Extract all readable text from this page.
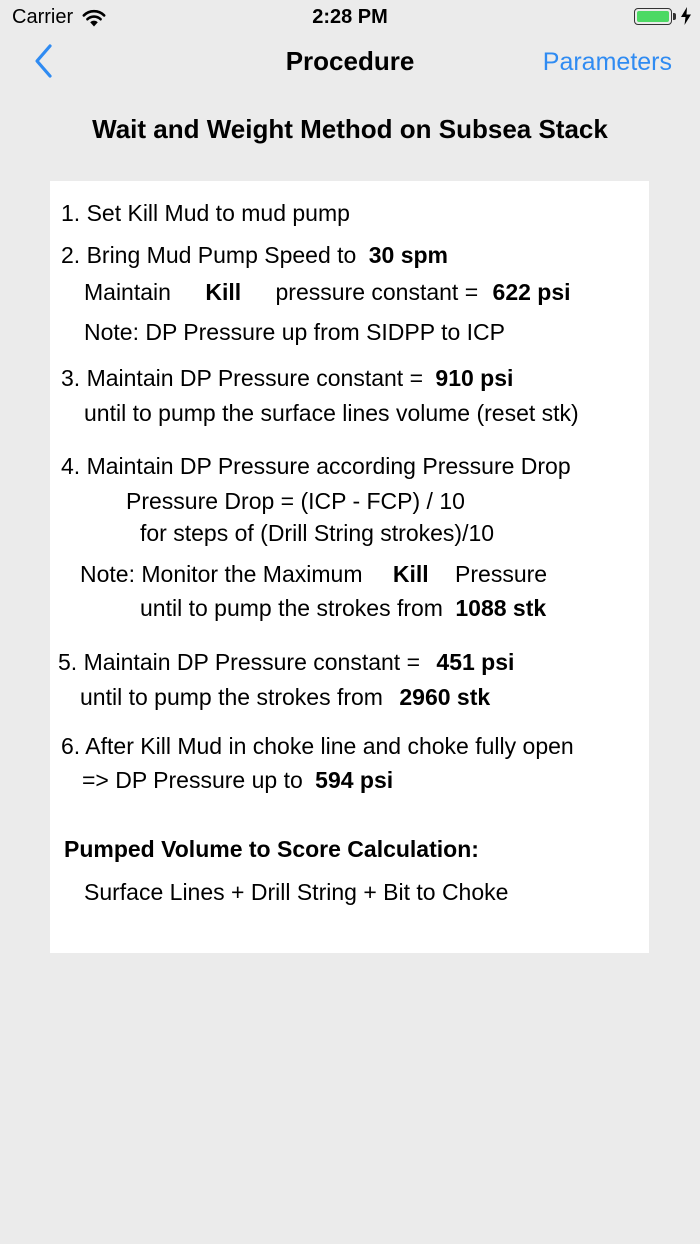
Carrier	2:28 PM
Procedure	Parameters
Wait and Weight Method on Subsea Stack
1. Set Kill Mud to mud pump
2. Bring Mud Pump Speed to 30 spm
Maintain Kill pressure constant = 622 psi
Note: DP Pressure up from SIDPP to ICP
3. Maintain DP Pressure constant = 910 psi
until to pump the surface lines volume (reset stk)
4. Maintain DP Pressure according Pressure Drop
Pressure Drop = (ICP - FCP) / 10
for steps of (Drill String strokes)/10
Note: Monitor the Maximum Kill Pressure
until to pump the strokes from 1088 stk
5. Maintain DP Pressure constant = 451 psi
until to pump the strokes from 2960 stk
6. After Kill Mud in choke line and choke fully open
=> DP Pressure up to 594 psi
Pumped Volume to Score Calculation:
Surface Lines + Drill String + Bit to Choke
